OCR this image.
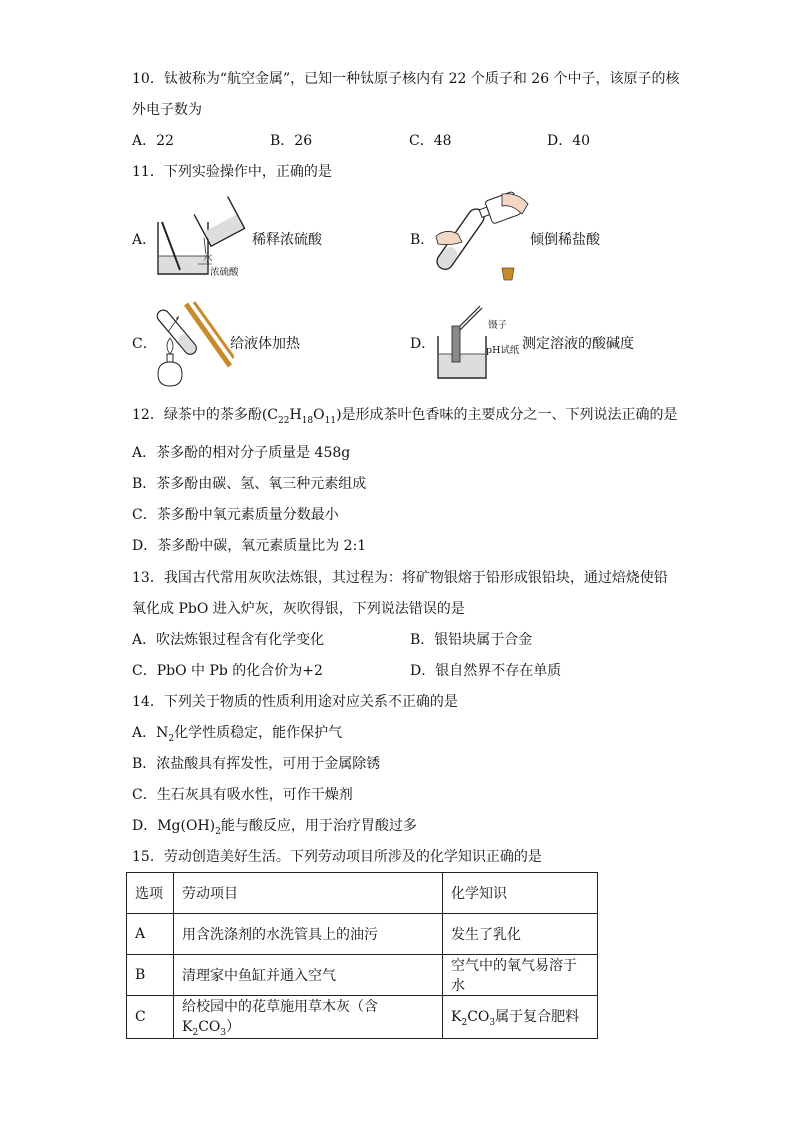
10．钛被称为“航空金属”，已知一种钛原子核内有 22 个质子和 26 个中子，该原子的核
外电子数为
A．22	B．26	C．48	D．40
11．下列实验操作中，正确的是
A．
水
浓硫酸
稀释浓硫酸	B．	倾倒稀盐酸
C．	给液体加热	D．
镊子
pH试纸 测定溶液的酸碱度
12．绿茶中的茶多酚$(C_{22}H_{18}O_{11})$是形成茶叶色香味的主要成分之一、下列说法正确的是
A．茶多酚的相对分子质量是 458g
B．茶多酚由碳、氢、氧三种元素组成
C．茶多酚中氧元素质量分数最小
D．茶多酚中碳，氧元素质量比为 2:1
13．我国古代常用灰吹法炼银，其过程为：将矿物银熔于铅形成银铅块，通过焙烧使铅
氧化成 PbO 进入炉灰，灰吹得银，下列说法错误的是
A．吹法炼银过程含有化学变化	B．银铅块属于合金
C．PbO 中 Pb 的化合价为+2	D．银自然界不存在单质
14．下列关于物质的性质利用途对应关系不正确的是
A．$N_2$化学性质稳定，能作保护气
B．浓盐酸具有挥发性，可用于金属除锈
C．生石灰具有吸水性，可作干燥剂
D．$Mg(OH)_2$能与酸反应，用于治疗胃酸过多
15．劳动创造美好生活。下列劳动项目所涉及的化学知识正确的是
选项	劳动项目	化学知识
A	用含洗涤剂的水洗管具上的油污	发生了乳化
B	清理家中鱼缸并通入空气	空气中的氧气易溶于水
C	给校园中的花草施用草木灰（含 $K_2CO_3$）	$K_2CO_3$属于复合肥料
